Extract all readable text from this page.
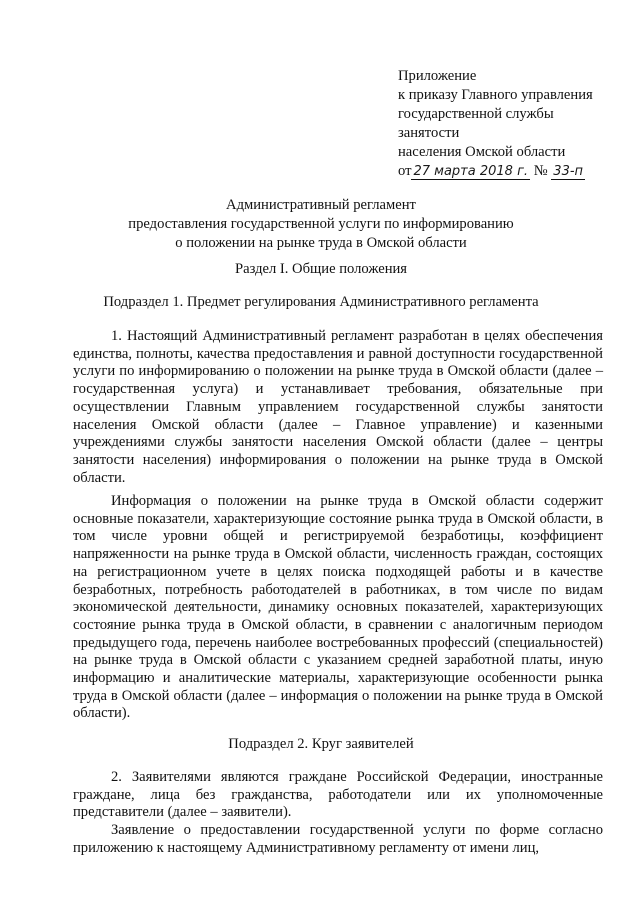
Приложение
к приказу Главного управления
государственной службы
занятости
населения Омской области
от 27 марта 2018 г. № 33-п
Административный регламент
предоставления государственной услуги по информированию
о положении на рынке труда в Омской области
Раздел I. Общие положения
Подраздел 1. Предмет регулирования Административного регламента
1. Настоящий Административный регламент разработан в целях обеспечения единства, полноты, качества предоставления и равной доступности государственной услуги по информированию о положении на рынке труда в Омской области (далее – государственная услуга) и устанавливает требования, обязательные при осуществлении Главным управлением государственной службы занятости населения Омской области (далее – Главное управление) и казенными учреждениями службы занятости населения Омской области (далее – центры занятости населения) информирования о положении на рынке труда в Омской области.
Информация о положении на рынке труда в Омской области содержит основные показатели, характеризующие состояние рынка труда в Омской области, в том числе уровни общей и регистрируемой безработицы, коэффициент напряженности на рынке труда в Омской области, численность граждан, состоящих на регистрационном учете в целях поиска подходящей работы и в качестве безработных, потребность работодателей в работниках, в том числе по видам экономической деятельности, динамику основных показателей, характеризующих состояние рынка труда в Омской области, в сравнении с аналогичным периодом предыдущего года, перечень наиболее востребованных профессий (специальностей) на рынке труда в Омской области с указанием средней заработной платы, иную информацию и аналитические материалы, характеризующие особенности рынка труда в Омской области (далее – информация о положении на рынке труда в Омской области).
Подраздел 2. Круг заявителей
2. Заявителями являются граждане Российской Федерации, иностранные граждане, лица без гражданства, работодатели или их уполномоченные представители (далее – заявители).
Заявление о предоставлении государственной услуги по форме согласно приложению к настоящему Административному регламенту от имени лиц,
